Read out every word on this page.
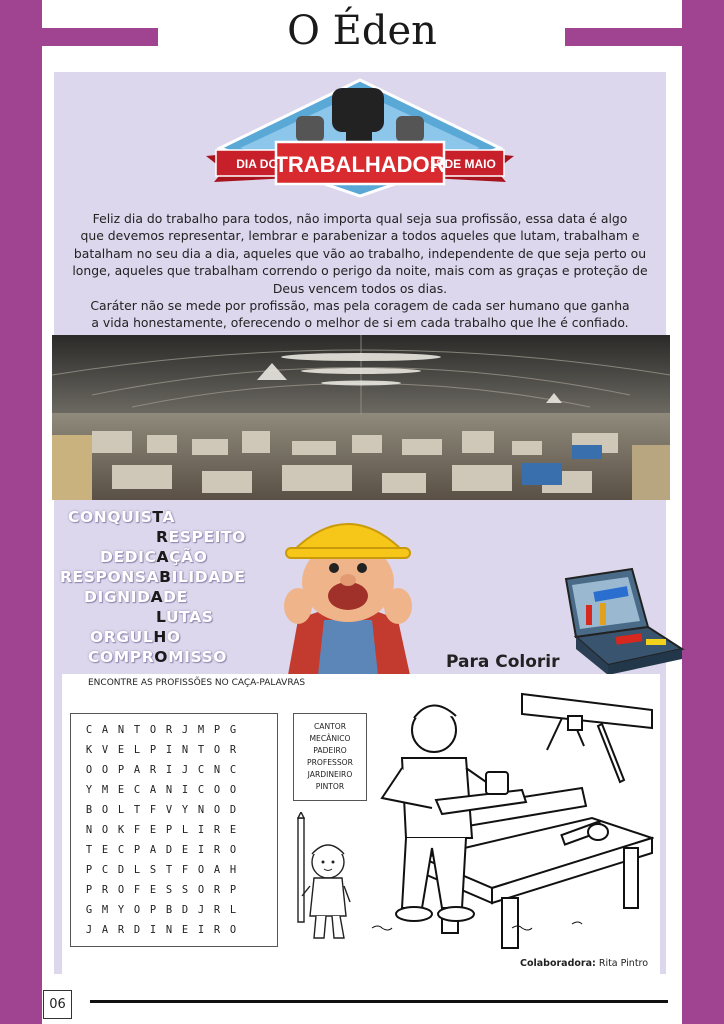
O Éden
DIA DO
TRABALHADOR
1º DE MAIO

Feliz dia do trabalho para todos, não importa qual seja sua profissão, essa data é algo

que devemos representar, lembrar e parabenizar a todos aqueles que lutam, trabalham e

batalham no seu dia a dia, aqueles que vão ao trabalho, independente de que seja perto ou

longe, aqueles que trabalham correndo o perigo da noite, mais com as graças e proteção de

Deus vencem todos os dias.

Caráter não se mede por profissão, mas pela coragem de cada ser humano que ganha

a vida honestamente, oferecendo o melhor de si em cada trabalho que lhe é confiado.

CONQUISTA
RESPEITO
DEDICAÇÃO
RESPONSABILIDADE
DIGNIDADE
LUTAS
ORGULHO
COMPROMISSO	Para Colorir
ENCONTRE AS PROFISSÕES NO CAÇA-PALAVRAS
C A N T O R J M P G
K V E L P I N T O R
O O P A R I J C N C
Y M E C A N I C O O
B O L T F V Y N O D
N O K F E P L I R E
T E C P A D E I R O
P C D L S T F O A H
P R O F E S S O R P
G M Y O P B D J R L
J A R D I N E I R O
CANTOR
MECÂNICO
PADEIRO
PROFESSOR
JARDINEIRO
PINTOR
Colaboradora: Rita Pintro
06
